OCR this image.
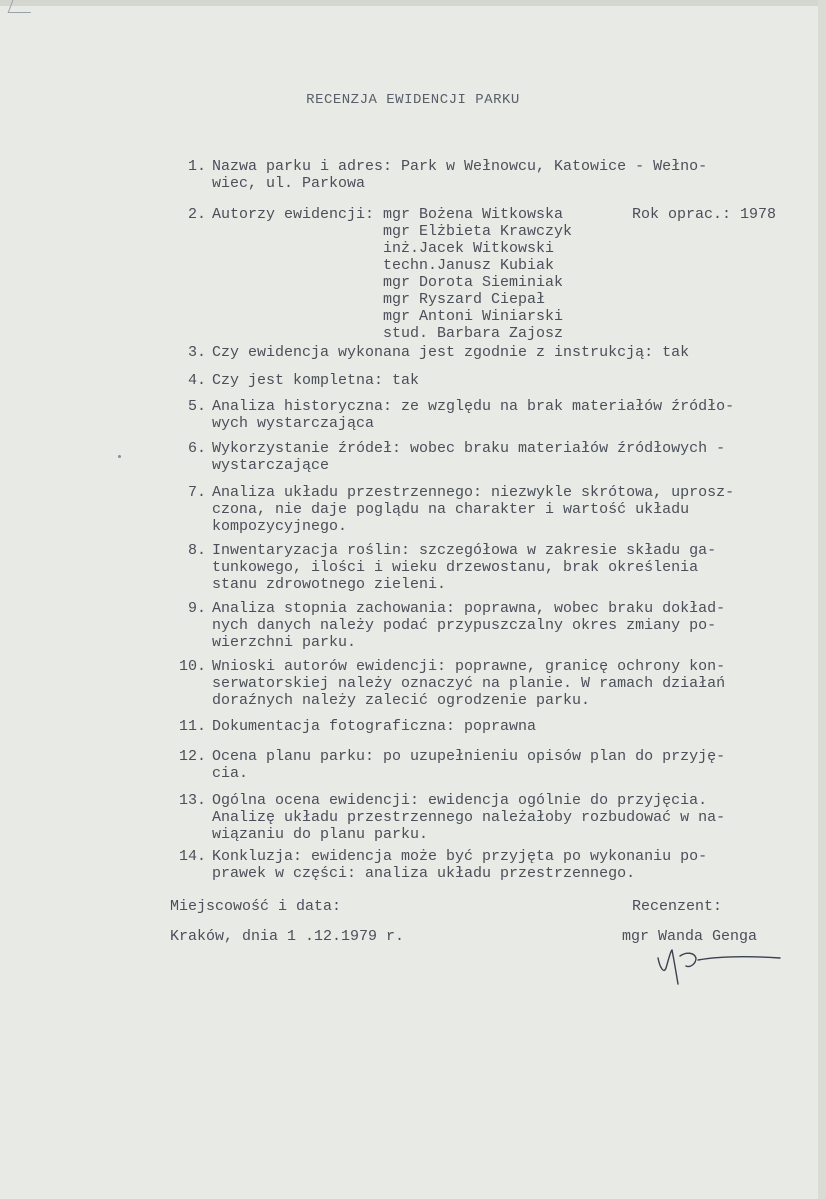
RECENZJA EWIDENCJI PARKU
1. Nazwa parku i adres: Park w Wełnowcu, Katowice - Wełno-
wiec, ul. Parkowa
2. Autorzy ewidencji: mgr Bożena Witkowska
mgr Elżbieta Krawczyk
inż.Jacek Witkowski
techn.Janusz Kubiak
mgr Dorota Sieminiak
mgr Ryszard Ciepał
mgr Antoni Winiarski
stud. Barbara Zajosz
Rok oprac.: 1978
3. Czy ewidencja wykonana jest zgodnie z instrukcją: tak
4. Czy jest kompletna: tak
5. Analiza historyczna: ze względu na brak materiałów źródło-
wych wystarczająca
6. Wykorzystanie źródeł: wobec braku materiałów źródłowych -
wystarczające
7. Analiza układu przestrzennego: niezwykle skrótowa, uprosz-
czona, nie daje poglądu na charakter i wartość układu
kompozycyjnego.
8. Inwentaryzacja roślin: szczegółowa w zakresie składu ga-
tunkowego, ilości i wieku drzewostanu, brak określenia
stanu zdrowotnego zieleni.
9. Analiza stopnia zachowania: poprawna, wobec braku dokład-
nych danych należy podać przypuszczalny okres zmiany po-
wierzchni parku.
10. Wnioski autorów ewidencji: poprawne, granicę ochrony kon-
serwatorskiej należy oznaczyć na planie. W ramach działań
doraźnych należy zalecić ogrodzenie parku.
11. Dokumentacja fotograficzna: poprawna
12. Ocena planu parku: po uzupełnieniu opisów plan do przyję-
cia.
13. Ogólna ocena ewidencji: ewidencja ogólnie do przyjęcia.
Analizę układu przestrzennego należałoby rozbudować w na-
wiązaniu do planu parku.
14. Konkluzja: ewidencja może być przyjęta po wykonaniu po-
prawek w części: analiza układu przestrzennego.
Miejscowość i data:	Recenzent:
Kraków, dnia 1 .12.1979 r.	mgr Wanda Genga
